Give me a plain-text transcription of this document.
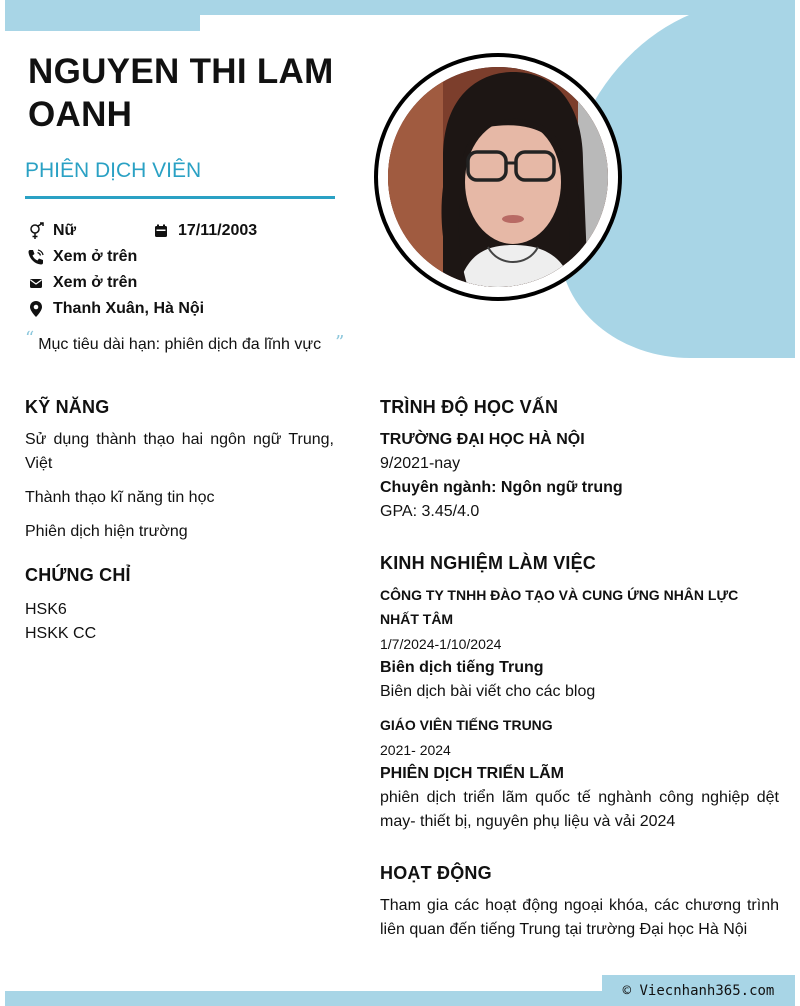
NGUYEN THI LAM OANH
PHIÊN DỊCH VIÊN
Nữ	17/11/2003
Xem ở trên
Xem ở trên
Thanh Xuân, Hà Nội
“ Mục tiêu dài hạn: phiên dịch đa lĩnh vực ”
KỸ NĂNG
Sử dụng thành thạo hai ngôn ngữ Trung, Việt
Thành thạo kĩ năng tin học
Phiên dịch hiện trường
CHỨNG CHỈ
HSK6
HSKK CC
TRÌNH ĐỘ HỌC VẤN
TRƯỜNG ĐẠI HỌC HÀ NỘI
9/2021-nay
Chuyên ngành: Ngôn ngữ trung
GPA: 3.45/4.0
KINH NGHIỆM LÀM VIỆC
CÔNG TY TNHH ĐÀO TẠO VÀ CUNG ỨNG NHÂN LỰC NHẤT TÂM
1/7/2024-1/10/2024
Biên dịch tiếng Trung
Biên dịch bài viết cho các blog
GIÁO VIÊN TIẾNG TRUNG
2021- 2024
PHIÊN DỊCH TRIỂN LÃM
phiên dịch triển lãm quốc tế nghành công nghiệp dệt may- thiết bị, nguyên phụ liệu và vải 2024
HOẠT ĐỘNG
Tham gia các hoạt động ngoại khóa, các chương trình liên quan đến tiếng Trung tại trường Đại học Hà Nội
© Viecnhanh365.com
